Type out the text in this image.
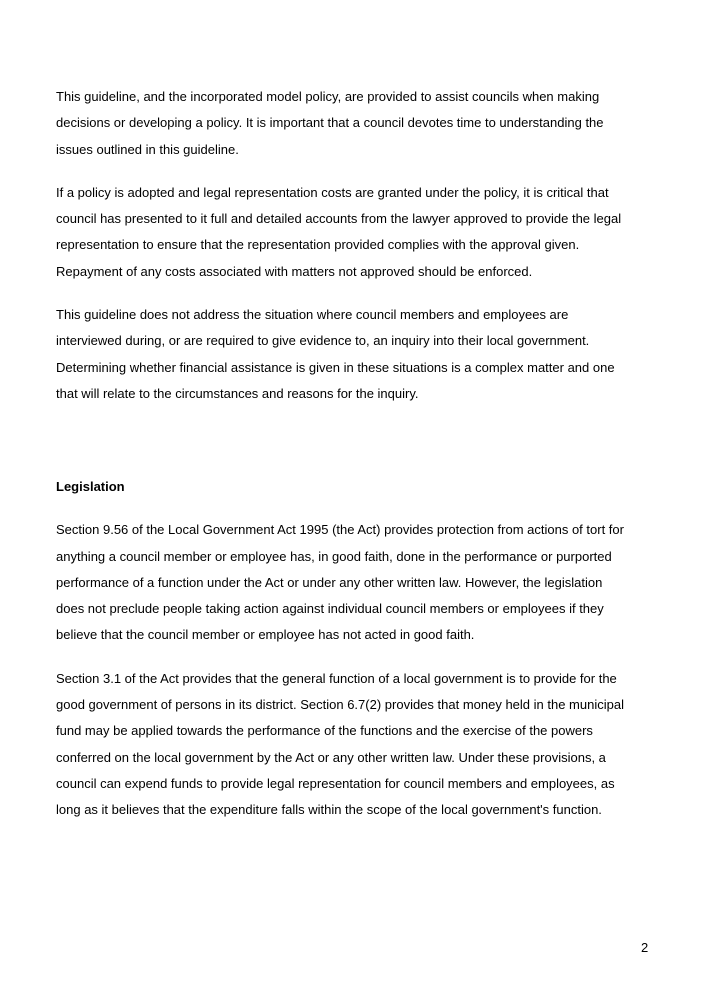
This guideline, and the incorporated model policy, are provided to assist councils when making
decisions or developing a policy. It is important that a council devotes time to understanding the
issues outlined in this guideline.
If a policy is adopted and legal representation costs are granted under the policy, it is critical that
council has presented to it full and detailed accounts from the lawyer approved to provide the legal
representation to ensure that the representation provided complies with the approval given.
Repayment of any costs associated with matters not approved should be enforced.
This guideline does not address the situation where council members and employees are
interviewed during, or are required to give evidence to, an inquiry into their local government.
Determining whether financial assistance is given in these situations is a complex matter and one
that will relate to the circumstances and reasons for the inquiry.
Legislation
Section 9.56 of the Local Government Act 1995 (the Act) provides protection from actions of tort for
anything a council member or employee has, in good faith, done in the performance or purported
performance of a function under the Act or under any other written law. However, the legislation
does not preclude people taking action against individual council members or employees if they
believe that the council member or employee has not acted in good faith.
Section 3.1 of the Act provides that the general function of a local government is to provide for the
good government of persons in its district. Section 6.7(2) provides that money held in the municipal
fund may be applied towards the performance of the functions and the exercise of the powers
conferred on the local government by the Act or any other written law. Under these provisions, a
council can expend funds to provide legal representation for council members and employees, as
long as it believes that the expenditure falls within the scope of the local government's function.
2
